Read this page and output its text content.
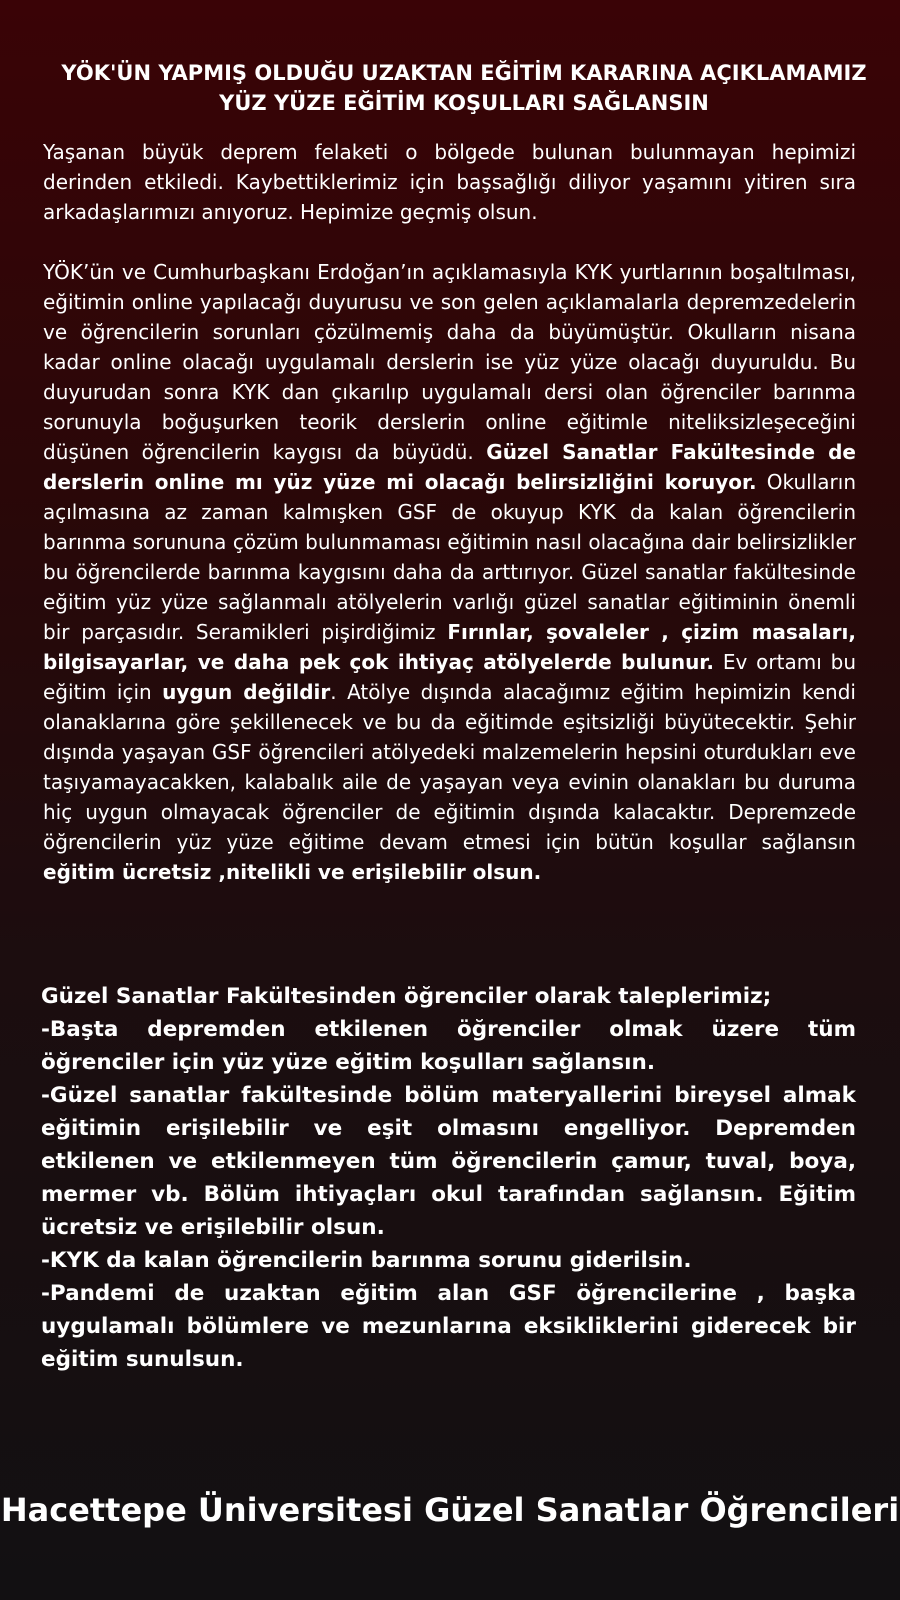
YÖK'ÜN YAPMIŞ OLDUĞU UZAKTAN EĞİTİM KARARINA AÇIKLAMAMIZ
YÜZ YÜZE EĞİTİM KOŞULLARI SAĞLANSIN

Yaşanan büyük deprem felaketi o bölgede bulunan bulunmayan hepimizi derinden etkiledi. Kaybettiklerimiz için başsağlığı diliyor yaşamını yitiren sıra arkadaşlarımızı anıyoruz. Hepimize geçmiş olsun.

YÖK’ün ve Cumhurbaşkanı Erdoğan’ın açıklamasıyla KYK yurtlarının boşaltılması, eğitimin online yapılacağı duyurusu ve son gelen açıklamalarla depremzedelerin ve öğrencilerin sorunları çözülmemiş daha da büyümüştür. Okulların nisana kadar online olacağı uygulamalı derslerin ise yüz yüze olacağı duyuruldu. Bu duyurudan sonra KYK dan çıkarılıp uygulamalı dersi olan öğrenciler barınma sorunuyla boğuşurken teorik derslerin online eğitimle niteliksizleşeceğini düşünen öğrencilerin kaygısı da büyüdü. Güzel Sanatlar Fakültesinde de derslerin online mı yüz yüze mi olacağı belirsizliğini koruyor. Okulların açılmasına az zaman kalmışken GSF de okuyup KYK da kalan öğrencilerin barınma sorununa çözüm bulunmaması eğitimin nasıl olacağına dair belirsizlikler bu öğrencilerde barınma kaygısını daha da arttırıyor. Güzel sanatlar fakültesinde eğitim yüz yüze sağlanmalı atölyelerin varlığı güzel sanatlar eğitiminin önemli bir parçasıdır. Seramikleri pişirdiğimiz Fırınlar, şovaleler , çizim masaları, bilgisayarlar, ve daha pek çok ihtiyaç atölyelerde bulunur. Ev ortamı bu eğitim için uygun değildir. Atölye dışında alacağımız eğitim hepimizin kendi olanaklarına göre şekillenecek ve bu da eğitimde eşitsizliği büyütecektir. Şehir dışında yaşayan GSF öğrencileri atölyedeki malzemelerin hepsini oturdukları eve taşıyamayacakken, kalabalık aile de yaşayan veya evinin olanakları bu duruma hiç uygun olmayacak öğrenciler de eğitimin dışında kalacaktır. Depremzede öğrencilerin yüz yüze eğitime devam etmesi için bütün koşullar sağlansın eğitim ücretsiz ,nitelikli ve erişilebilir olsun.

Güzel Sanatlar Fakültesinden öğrenciler olarak taleplerimiz;
-Başta depremden etkilenen öğrenciler olmak üzere tüm öğrenciler için yüz yüze eğitim koşulları sağlansın.
-Güzel sanatlar fakültesinde bölüm materyallerini bireysel almak eğitimin erişilebilir ve eşit olmasını engelliyor. Depremden etkilenen ve etkilenmeyen tüm öğrencilerin çamur, tuval, boya, mermer vb. Bölüm ihtiyaçları okul tarafından sağlansın. Eğitim ücretsiz ve erişilebilir olsun.
-KYK da kalan öğrencilerin barınma sorunu giderilsin.
-Pandemi de uzaktan eğitim alan GSF öğrencilerine , başka uygulamalı bölümlere ve mezunlarına eksikliklerini giderecek bir eğitim sunulsun.
Hacettepe Üniversitesi Güzel Sanatlar Öğrencileri
